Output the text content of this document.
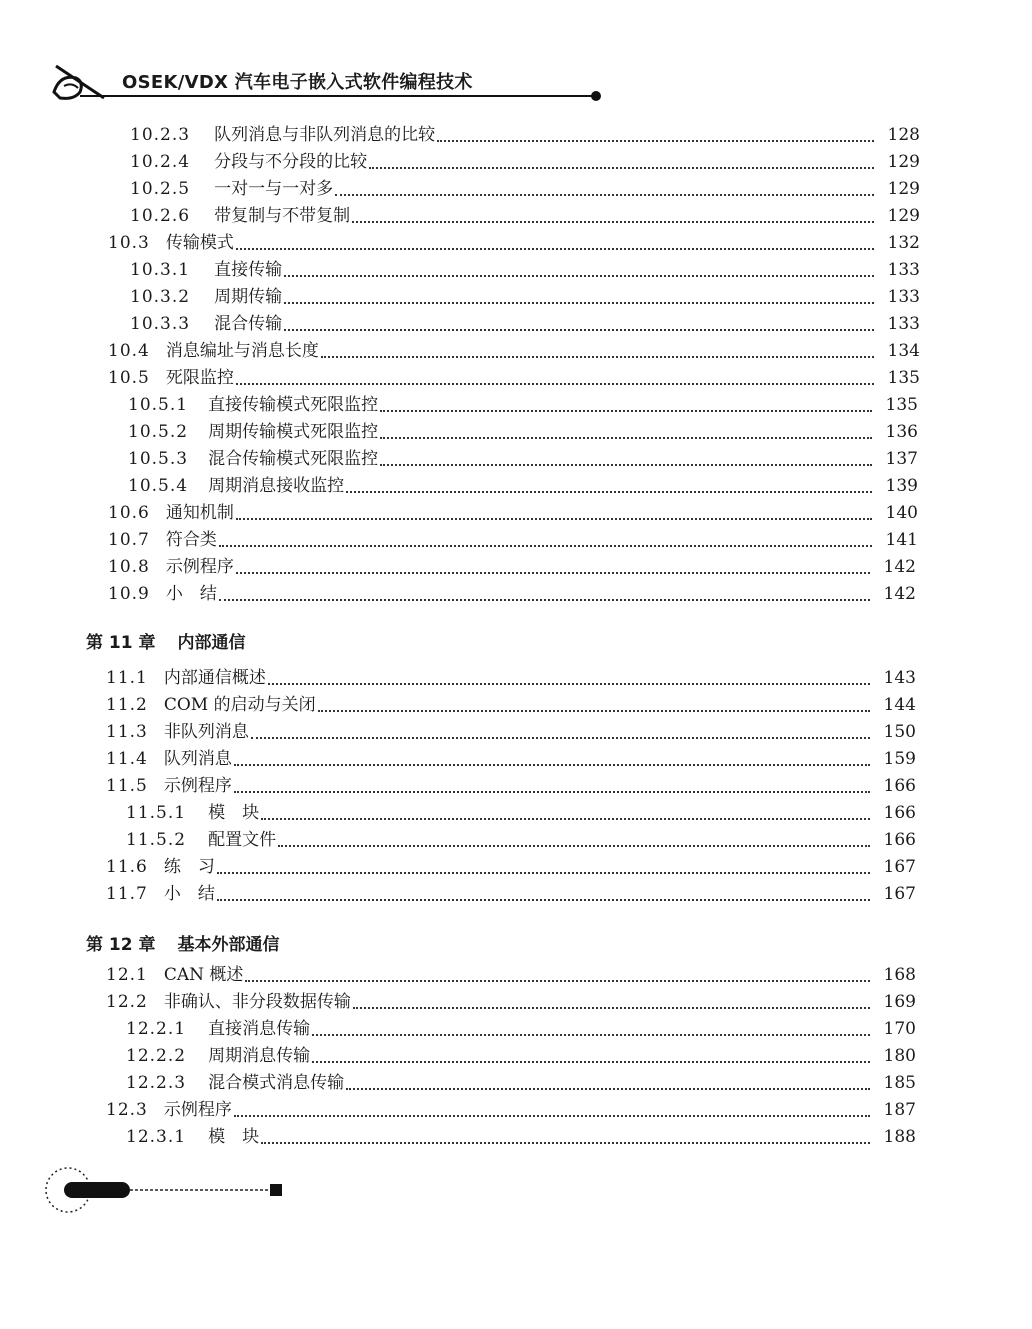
OSEK/VDX 汽车电子嵌入式软件编程技术
第 11 章 内部通信
第 12 章 基本外部通信
10.2.3 队列消息与非队列消息的比较	128
10.2.4 分段与不分段的比较	129
10.2.5 一对一与一对多	129
10.2.6 带复制与不带复制	129
10.3 传输模式	132
10.3.1 直接传输	133
10.3.2 周期传输	133
10.3.3 混合传输	133
10.4 消息编址与消息长度	134
10.5 死限监控	135
10.5.1 直接传输模式死限监控	135
10.5.2 周期传输模式死限监控	136
10.5.3 混合传输模式死限监控	137
10.5.4 周期消息接收监控	139
10.6 通知机制	140
10.7 符合类	141
10.8 示例程序	142
10.9 小　结	142
11.1 内部通信概述	143
11.2 COM 的启动与关闭	144
11.3 非队列消息	150
11.4 队列消息	159
11.5 示例程序	166
11.5.1 模　块	166
11.5.2 配置文件	166
11.6 练　习	167
11.7 小　结	167
12.1 CAN 概述	168
12.2 非确认、非分段数据传输	169
12.2.1 直接消息传输	170
12.2.2 周期消息传输	180
12.2.3 混合模式消息传输	185
12.3 示例程序	187
12.3.1 模　块	188
